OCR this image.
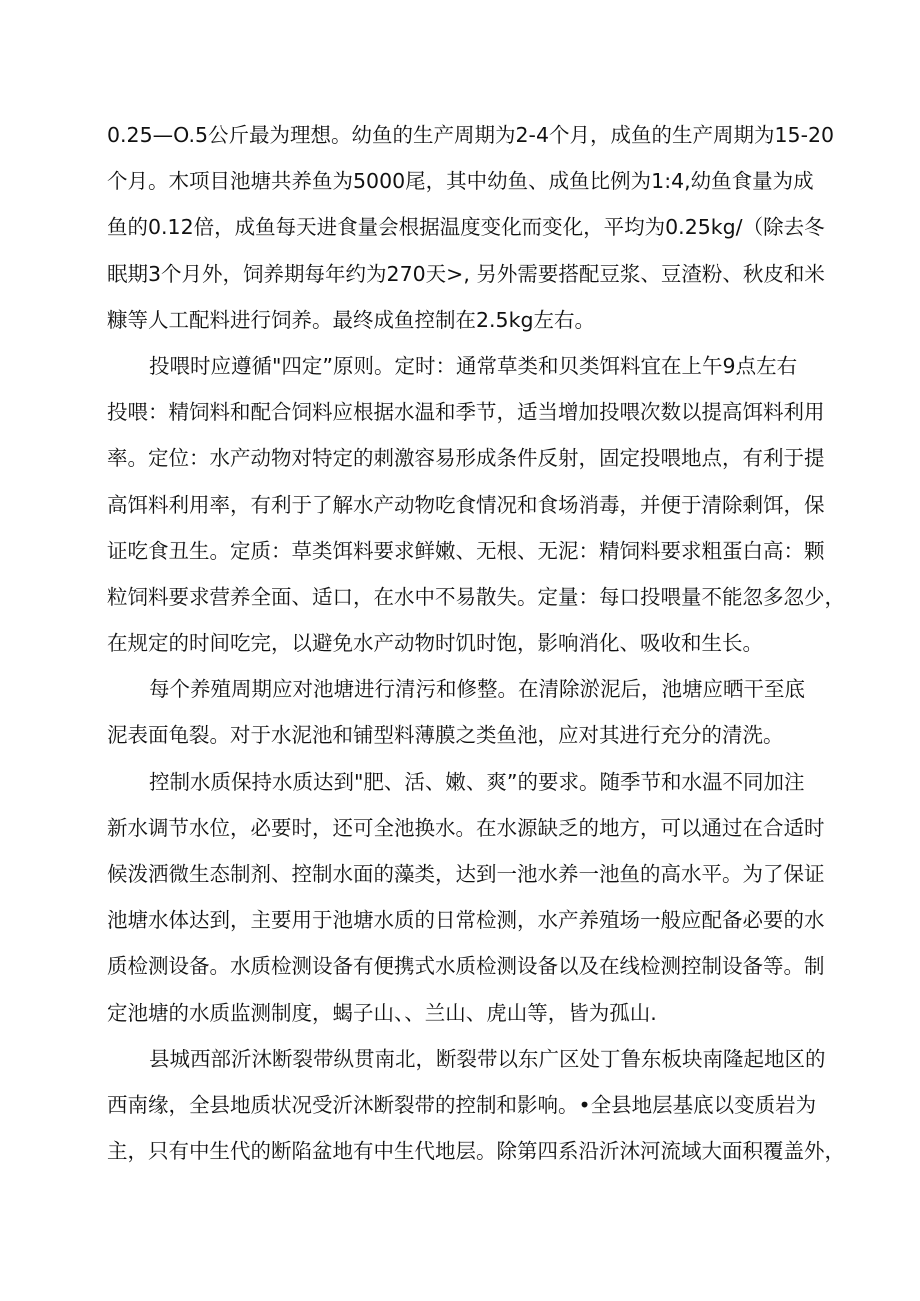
0.25—O.5公斤最为理想。幼鱼的生产周期为2-4个月，成鱼的生产周期为15-20
个月。木项目池塘共养鱼为5000尾，其中幼鱼、成鱼比例为1:4,幼鱼食量为成
鱼的0.12倍，成鱼每天进食量会根据温度变化而变化，平均为0.25kg/（除去冬
眠期3个月外，饲养期每年约为270天>, 另外需要搭配豆浆、豆渣粉、秋皮和米
糠等人工配料进行饲养。最终成鱼控制在2.5kg左右。
投喂时应遵循"四定”原则。定时：通常草类和贝类饵料宜在上午9点左右
投喂：精饲料和配合饲料应根据水温和季节，适当增加投喂次数以提高饵料利用
率。定位：水产动物对特定的刺激容易形成条件反射，固定投喂地点，有利于提
高饵料利用率，有利于了解水产动物吃食情况和食场消毒，并便于清除剩饵，保
证吃食丑生。定质：草类饵料要求鲜嫩、无根、无泥：精饲料要求粗蛋白高：颗
粒饲料要求营养全面、适口，在水中不易散失。定量：每口投喂量不能忽多忽少，
在规定的时间吃完，以避免水产动物时饥时饱，影响消化、吸收和生长。
每个养殖周期应对池塘进行清污和修整。在清除淤泥后，池塘应晒干至底
泥表面龟裂。对于水泥池和铺型料薄膜之类鱼池，应对其进行充分的清洗。
控制水质保持水质达到"肥、活、嫩、爽”的要求。随季节和水温不同加注
新水调节水位，必要时，还可全池换水。在水源缺乏的地方，可以通过在合适时
候泼洒微生态制剂、控制水面的藻类，达到一池水养一池鱼的高水平。为了保证
池塘水体达到，主要用于池塘水质的日常检测，水产养殖场一般应配备必要的水
质检测设备。水质检测设备有便携式水质检测设备以及在线检测控制设备等。制
定池塘的水质监测制度，蝎子山、、兰山、虎山等，皆为孤山.
县城西部沂沐断裂带纵贯南北，断裂带以东广区处丁鲁东板块南隆起地区的
西南缘，全县地质状况受沂沐断裂带的控制和影响。•全县地层基底以变质岩为
主，只有中生代的断陷盆地有中生代地层。除第四系沿沂沐河流域大面积覆盖外，
